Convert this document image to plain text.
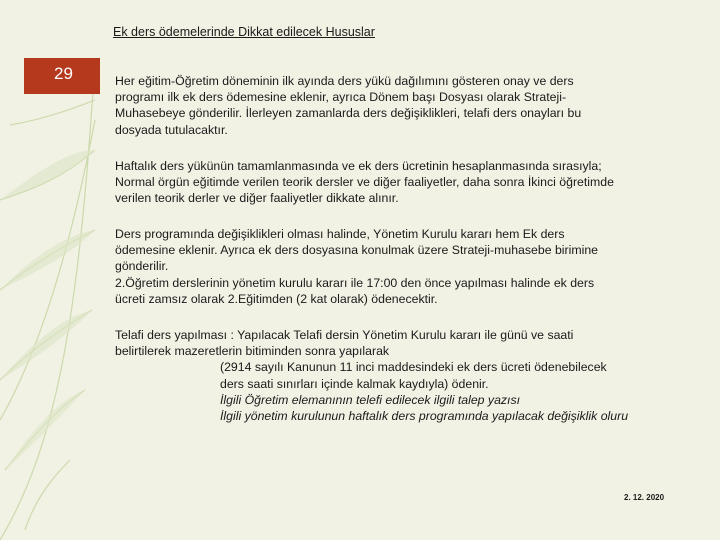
Ek ders ödemelerinde Dikkat edilecek Hususlar
29	Her eğitim-Öğretim döneminin ilk ayında ders yükü dağılımını gösteren onay ve ders
programı ilk ek ders ödemesine eklenir, ayrıca Dönem başı Dosyası olarak Strateji-
Muhasebeye gönderilir. İlerleyen zamanlarda ders değişiklikleri, telafi ders onayları bu
dosyada tutulacaktır.
Haftalık ders yükünün tamamlanmasında ve ek ders ücretinin hesaplanmasında sırasıyla;
Normal örgün eğitimde verilen teorik dersler ve diğer faaliyetler, daha sonra İkinci öğretimde
verilen teorik derler ve diğer faaliyetler dikkate alınır.
Ders programında değişiklikleri olması halinde, Yönetim Kurulu kararı hem Ek ders
ödemesine eklenir. Ayrıca ek ders dosyasına konulmak üzere Strateji-muhasebe birimine
gönderilir.
2.Öğretim derslerinin yönetim kurulu kararı ile 17:00 den önce yapılması halinde ek ders
ücreti zamsız olarak 2.Eğitimden (2 kat olarak) ödenecektir.
Telafi ders yapılması : Yapılacak Telafi dersin Yönetim Kurulu kararı ile günü ve saati
belirtilerek mazeretlerin bitiminden sonra yapılarak
(2914 sayılı Kanunun 11 inci maddesindeki ek ders ücreti ödenebilecek
ders saati sınırları içinde kalmak kaydıyla) ödenir.
İlgili Öğretim elemanının telefi edilecek ilgili talep yazısı
İlgili yönetim kurulunun haftalık ders programında yapılacak değişiklik oluru
2. 12. 2020
